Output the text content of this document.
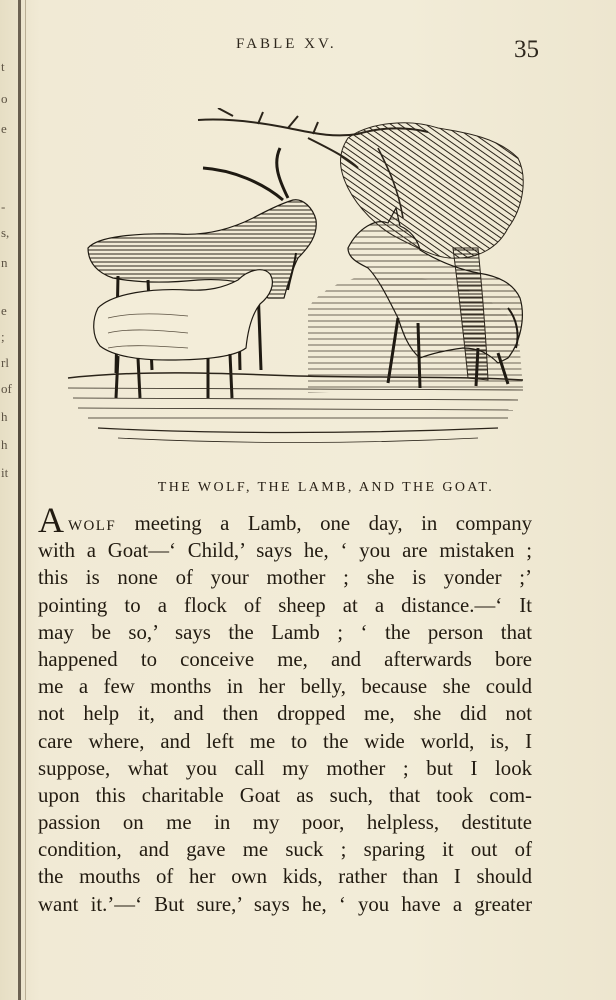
t
o
e
-
s,
n
e
;
rl
of
h
h
it
FABLE XV.	35
THE WOLF, THE LAMB, AND THE GOAT.
AWOLF meeting a Lamb, one day, in company
with a Goat—‘ Child,’ says he, ‘ you are mistaken ;
this is none of your mother ; she is yonder ;’
pointing to a flock of sheep at a distance.—‘ It
may be so,’ says the Lamb ; ‘ the person that
happened to conceive me, and afterwards bore
me a few months in her belly, because she could
not help it, and then dropped me, she did not
care where, and left me to the wide world, is, I
suppose, what you call my mother ; but I look
upon this charitable Goat as such, that took com-
passion on me in my poor, helpless, destitute
condition, and gave me suck ; sparing it out of
the mouths of her own kids, rather than I should
want it.’—‘ But sure,’ says he, ‘ you have a greater
